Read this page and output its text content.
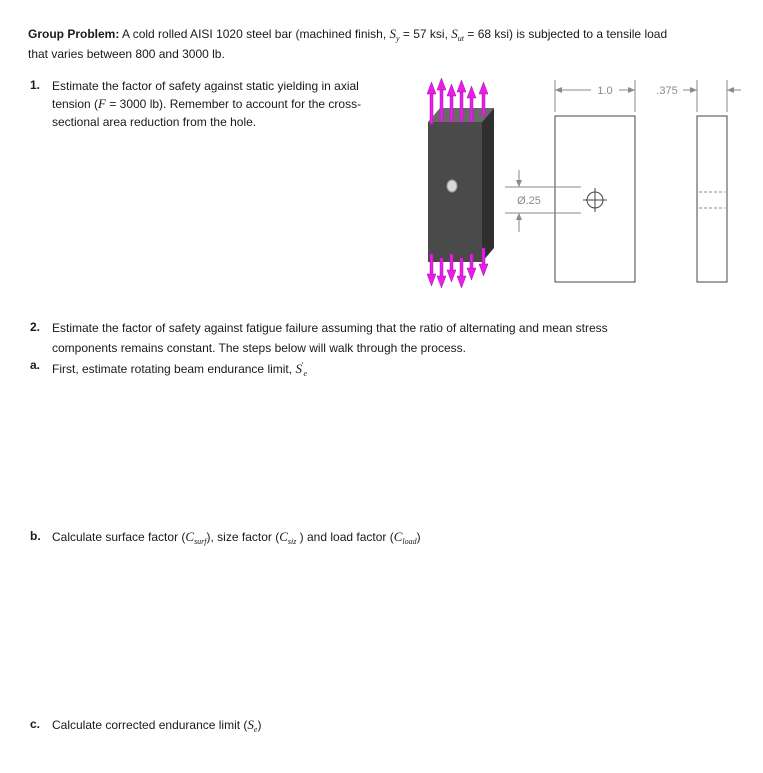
Group Problem: A cold rolled AISI 1020 steel bar (machined finish, $S_y = 57$ ksi, $S_{ut} = 68$ ksi) is subjected to a tensile load
that varies between 800 and 3000 lb.
1. Estimate the factor of safety against static yielding in axial
tension (F = 3000 lb). Remember to account for the cross-
sectional area reduction from the hole.
1.0	.375
Ø.25
2. Estimate the factor of safety against fatigue failure assuming that the ratio of alternating and mean stress
components remains constant. The steps below will walk through the process.
a. First, estimate rotating beam endurance limit, $S'_e$
b. Calculate surface factor $(C_{surf})$, size factor ($C_{siz}$ ) and load factor $(C_{load})$
c. Calculate corrected endurance limit $(S_e)$
